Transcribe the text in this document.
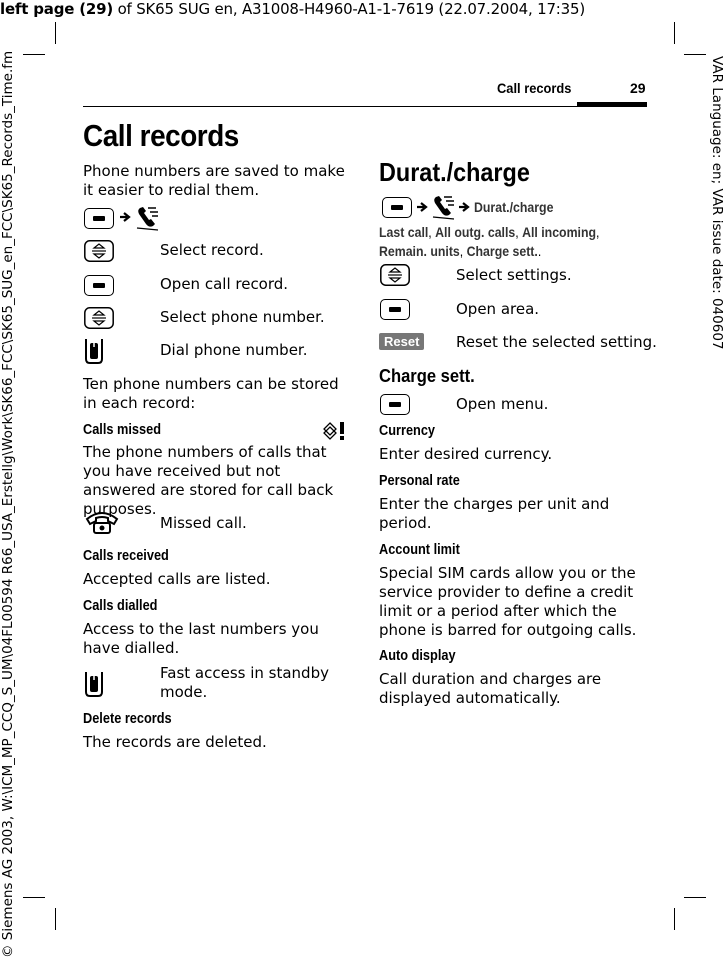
left page (29) of SK65 SUG en, A31008-H4960-A1-1-7619 (22.07.2004, 17:35)
© Siemens AG 2003, W:\ICM_MP_CCQ_S_UM\04FL00594 R66_USA_Erstellg\Work\SK66_FCC\SK65_SUG_en_FCC\SK65_Records_Time.fm	VAR Language: en; VAR issue date: 040607
Call records	29
Call records
Phone numbers are saved to make it easier to redial them.
Select record.
Open call record.
Select phone number.
Dial phone number.
Ten phone numbers can be stored in each record:
Calls missed
The phone numbers of calls that you have received but not answered are stored for call back purposes.
Missed call.
Calls received
Accepted calls are listed.
Calls dialled
Access to the last numbers you have dialled.
Fast access in standby mode.
Delete records
The records are deleted.
Durat./charge
Durat./charge
Last call, All outg. calls, All incoming,
Remain. units, Charge sett..
Select settings.
Open area.
Reset	Reset the selected setting.
Charge sett.
Open menu.
Currency
Enter desired currency.
Personal rate
Enter the charges per unit and period.
Account limit
Special SIM cards allow you or the service provider to define a credit limit or a period after which the phone is barred for outgoing calls.
Auto display
Call duration and charges are displayed automatically.
